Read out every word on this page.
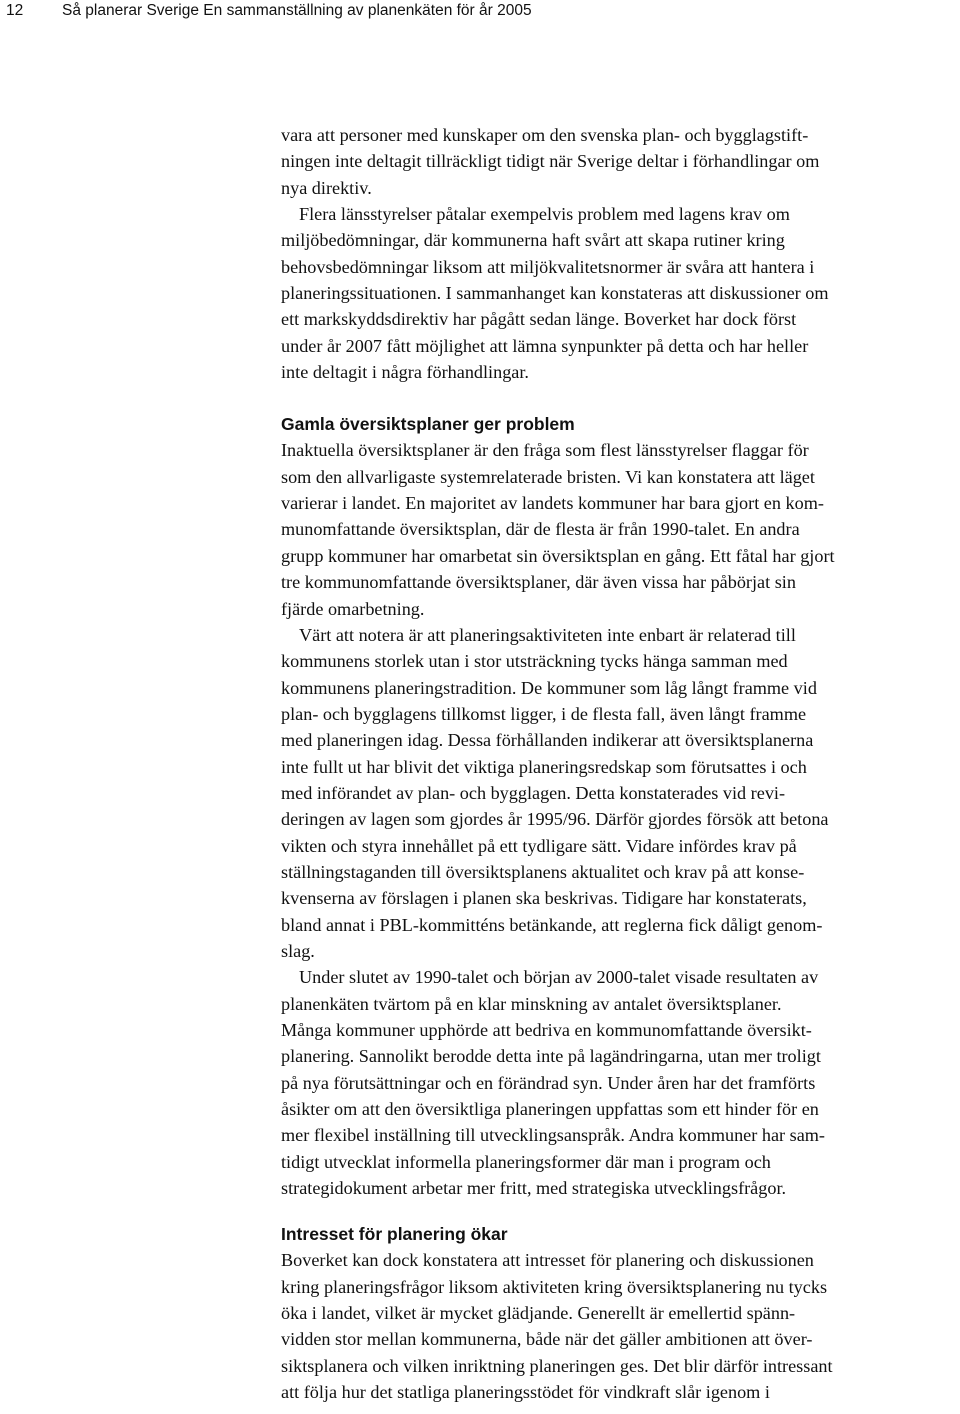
12	Så planerar Sverige En sammanställning av planenkäten för år 2005

vara att personer med kunskaper om den svenska plan- och bygglagstift-
ningen inte deltagit tillräckligt tidigt när Sverige deltar i förhandlingar om
nya direktiv.

Flera länsstyrelser påtalar exempelvis problem med lagens krav om
miljöbedömningar, där kommunerna haft svårt att skapa rutiner kring
behovsbedömningar liksom att miljökvalitetsnormer är svåra att hantera i
planeringssituationen. I sammanhanget kan konstateras att diskussioner om
ett markskyddsdirektiv har pågått sedan länge. Boverket har dock först
under år 2007 fått möjlighet att lämna synpunkter på detta och har heller
inte deltagit i några förhandlingar.

Gamla översiktsplaner ger problem

Inaktuella översiktsplaner är den fråga som flest länsstyrelser flaggar för
som den allvarligaste systemrelaterade bristen. Vi kan konstatera att läget
varierar i landet. En majoritet av landets kommuner har bara gjort en kom-
munomfattande översiktsplan, där de flesta är från 1990-talet. En andra
grupp kommuner har omarbetat sin översiktsplan en gång. Ett fåtal har gjort
tre kommunomfattande översiktsplaner, där även vissa har påbörjat sin
fjärde omarbetning.

Värt att notera är att planeringsaktiviteten inte enbart är relaterad till
kommunens storlek utan i stor utsträckning tycks hänga samman med
kommunens planeringstradition. De kommuner som låg långt framme vid
plan- och bygglagens tillkomst ligger, i de flesta fall, även långt framme
med planeringen idag. Dessa förhållanden indikerar att översiktsplanerna
inte fullt ut har blivit det viktiga planeringsredskap som förutsattes i och
med införandet av plan- och bygglagen. Detta konstaterades vid revi-
deringen av lagen som gjordes år 1995/96. Därför gjordes försök att betona
vikten och styra innehållet på ett tydligare sätt. Vidare infördes krav på
ställningstaganden till översiktsplanens aktualitet och krav på att konse-
kvenserna av förslagen i planen ska beskrivas. Tidigare har konstaterats,
bland annat i PBL-kommitténs betänkande, att reglerna fick dåligt genom-
slag.

Under slutet av 1990-talet och början av 2000-talet visade resultaten av
planenkäten tvärtom på en klar minskning av antalet översiktsplaner.
Många kommuner upphörde att bedriva en kommunomfattande översikt-
planering. Sannolikt berodde detta inte på lagändringarna, utan mer troligt
på nya förutsättningar och en förändrad syn. Under åren har det framförts
åsikter om att den översiktliga planeringen uppfattas som ett hinder för en
mer flexibel inställning till utvecklingsanspråk. Andra kommuner har sam-
tidigt utvecklat informella planeringsformer där man i program och
strategidokument arbetar mer fritt, med strategiska utvecklingsfrågor.

Intresset för planering ökar

Boverket kan dock konstatera att intresset för planering och diskussionen
kring planeringsfrågor liksom aktiviteten kring översiktsplanering nu tycks
öka i landet, vilket är mycket glädjande. Generellt är emellertid spänn-
vidden stor mellan kommunerna, både när det gäller ambitionen att över-
siktsplanera och vilken inriktning planeringen ges. Det blir därför intressant
att följa hur det statliga planeringsstödet för vindkraft slår igenom i
